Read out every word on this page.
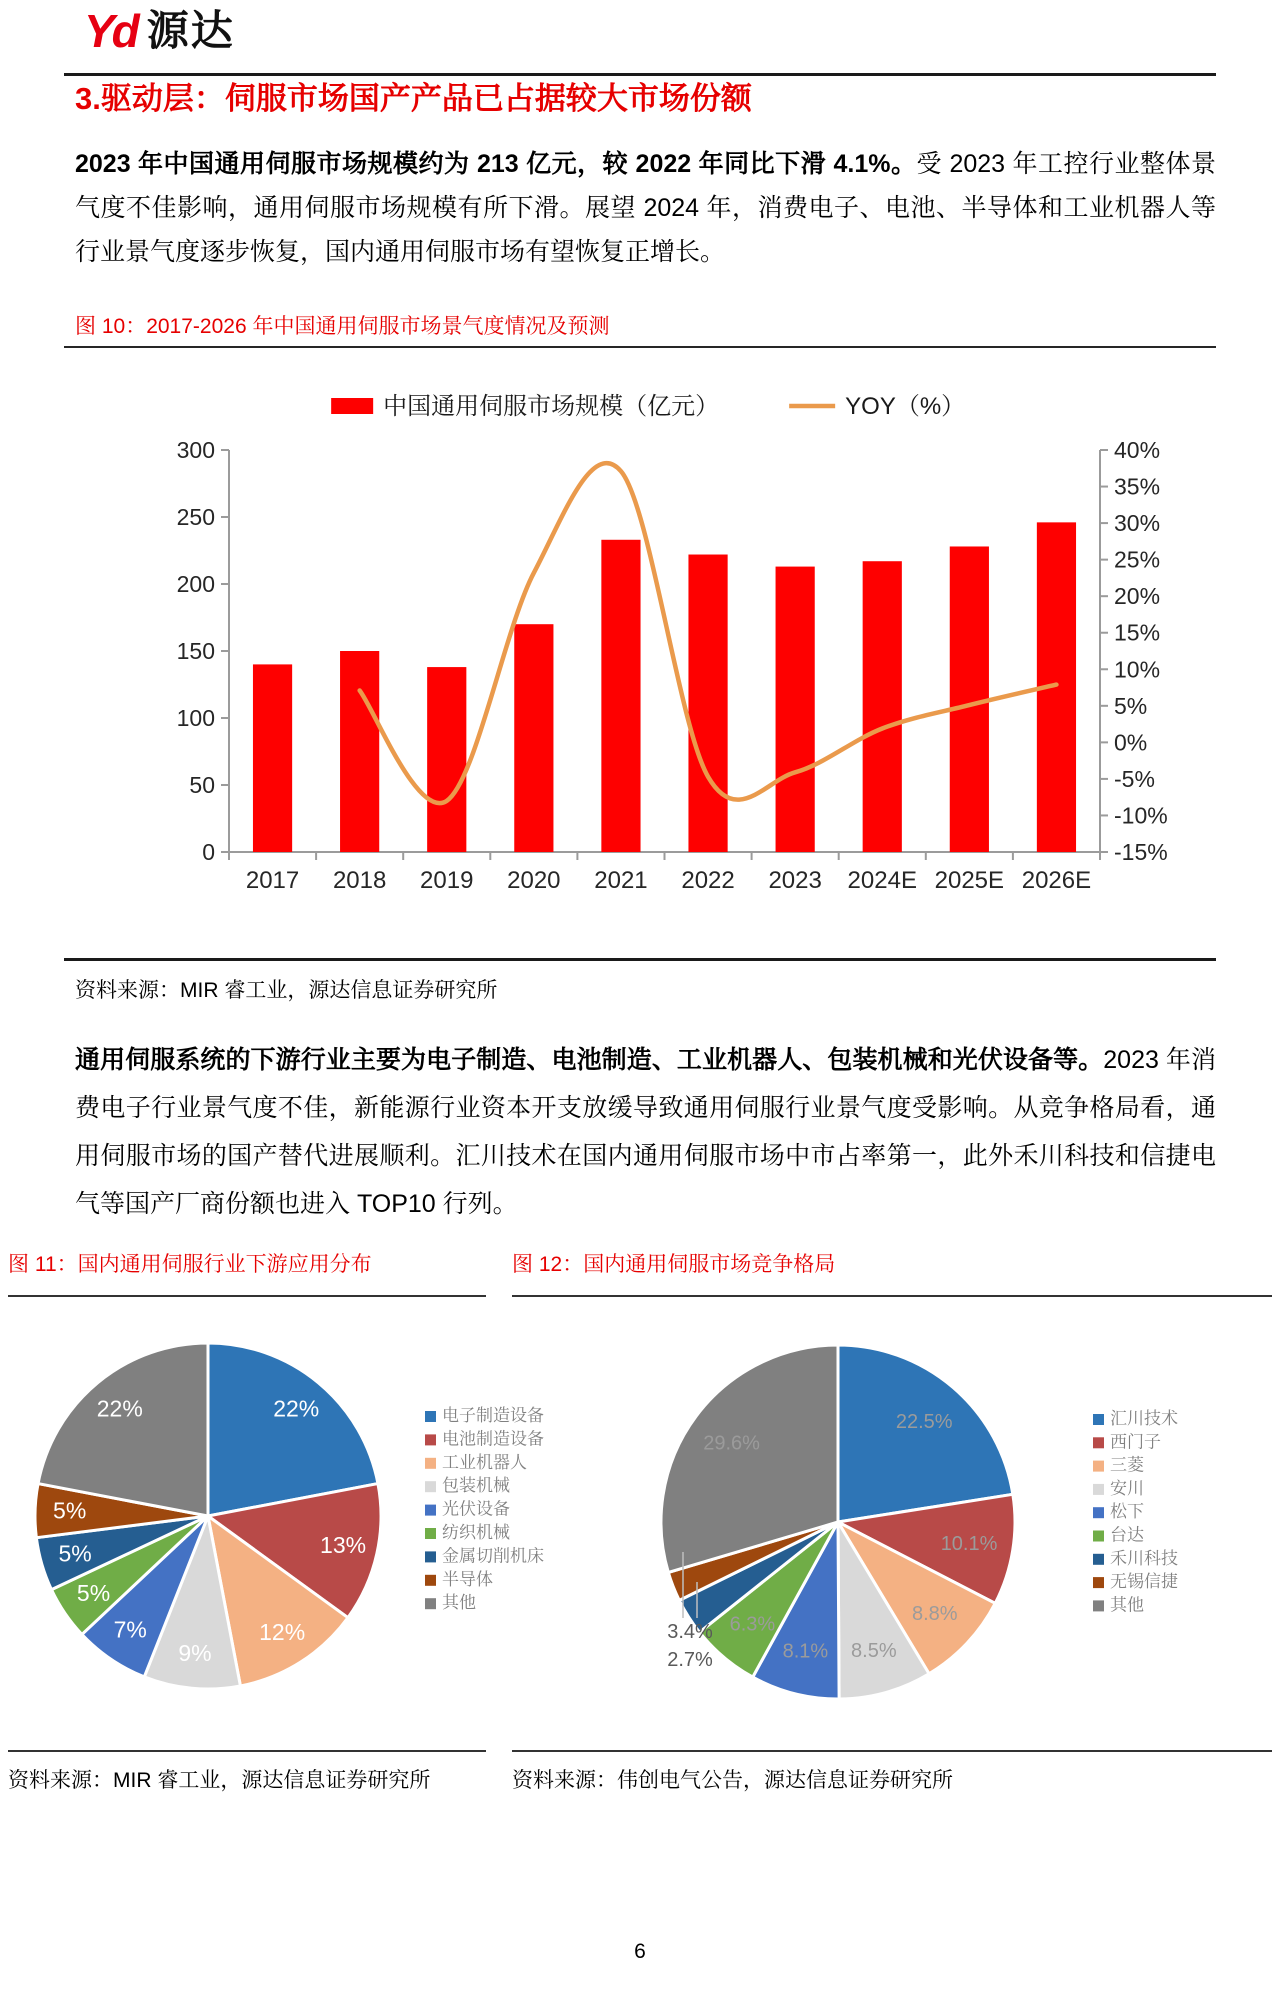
Yd 源达
3.驱动层：伺服市场国产产品已占据较大市场份额

2023 年中国通用伺服市场规模约为 213 亿元，较 2022 年同比下滑 4.1%。受 2023 年工控行业整体景气度不佳影响，通用伺服市场规模有所下滑。展望 2024 年，消费电子、电池、半导体和工业机器人等行业景气度逐步恢复，国内通用伺服市场有望恢复正增长。

图 10：2017-2026 年中国通用伺服市场景气度情况及预测
300
250
200
150
100
50
0
40%
35%
30%
25%
20%
15%
10%
5%
0%
-5%
-10%
-15%
2017 2018 2019 2020 2021 2022 2023 2024E 2025E 2026E
中国通用伺服市场规模（亿元）	YOY（%）
资料来源：MIR 睿工业，源达信息证券研究所

通用伺服系统的下游行业主要为电子制造、电池制造、工业机器人、包装机械和光伏设备等。2023 年消费电子行业景气度不佳，新能源行业资本开支放缓导致通用伺服行业景气度受影响。从竞争格局看，通用伺服市场的国产替代进展顺利。汇川技术在国内通用伺服市场中市占率第一，此外禾川科技和信捷电气等国产厂商份额也进入 TOP10 行列。

图 11：国内通用伺服行业下游应用分布	图 12：国内通用伺服市场竞争格局
22%
13%
12%
9%
7%
5%
5%
5%
22%	电子制造设备
电池制造设备
工业机器人
包装机械
光伏设备
纺织机械
金属切削机床
半导体
其他
22.5%
10.1%
8.8%
8.5%
8.1%
6.3%
3.4%
2.7%
29.6%
汇川技术
西门子
三菱
安川
松下
台达
禾川科技
无锡信捷
其他
资料来源：MIR 睿工业，源达信息证券研究所	资料来源：伟创电气公告，源达信息证券研究所
6
